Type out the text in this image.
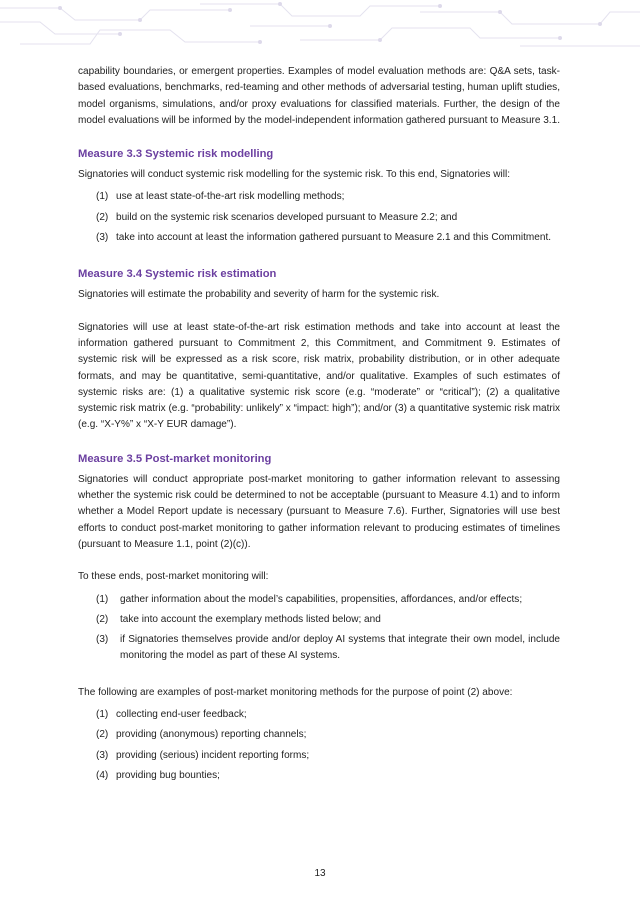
capability boundaries, or emergent properties. Examples of model evaluation methods are: Q&A sets, task-based evaluations, benchmarks, red-teaming and other methods of adversarial testing, human uplift studies, model organisms, simulations, and/or proxy evaluations for classified materials. Further, the design of the model evaluations will be informed by the model-independent information gathered pursuant to Measure 3.1.

Measure 3.3 Systemic risk modelling

Signatories will conduct systemic risk modelling for the systemic risk. To this end, Signatories will:

(1) use at least state-of-the-art risk modelling methods;
(2) build on the systemic risk scenarios developed pursuant to Measure 2.2; and
(3) take into account at least the information gathered pursuant to Measure 2.1 and this Commitment.
Measure 3.4 Systemic risk estimation

Signatories will estimate the probability and severity of harm for the systemic risk.

Signatories will use at least state-of-the-art risk estimation methods and take into account at least the information gathered pursuant to Commitment 2, this Commitment, and Commitment 9. Estimates of systemic risk will be expressed as a risk score, risk matrix, probability distribution, or in other adequate formats, and may be quantitative, semi-quantitative, and/or qualitative. Examples of such estimates of systemic risks are: (1) a qualitative systemic risk score (e.g. “moderate” or “critical”); (2) a qualitative systemic risk matrix (e.g. “probability: unlikely” x “impact: high”); and/or (3) a quantitative systemic risk matrix (e.g. “X-Y%” x “X-Y EUR damage”).

Measure 3.5 Post-market monitoring

Signatories will conduct appropriate post-market monitoring to gather information relevant to assessing whether the systemic risk could be determined to not be acceptable (pursuant to Measure 4.1) and to inform whether a Model Report update is necessary (pursuant to Measure 7.6). Further, Signatories will use best efforts to conduct post-market monitoring to gather information relevant to producing estimates of timelines (pursuant to Measure 1.1, point (2)(c)).

To these ends, post-market monitoring will:

(1) gather information about the model’s capabilities, propensities, affordances, and/or effects;
(2) take into account the exemplary methods listed below; and
(3) if Signatories themselves provide and/or deploy AI systems that integrate their own model, include monitoring the model as part of these AI systems.

The following are examples of post-market monitoring methods for the purpose of point (2) above:

(1) collecting end-user feedback;
(2) providing (anonymous) reporting channels;
(3) providing (serious) incident reporting forms;
(4) providing bug bounties;
13
